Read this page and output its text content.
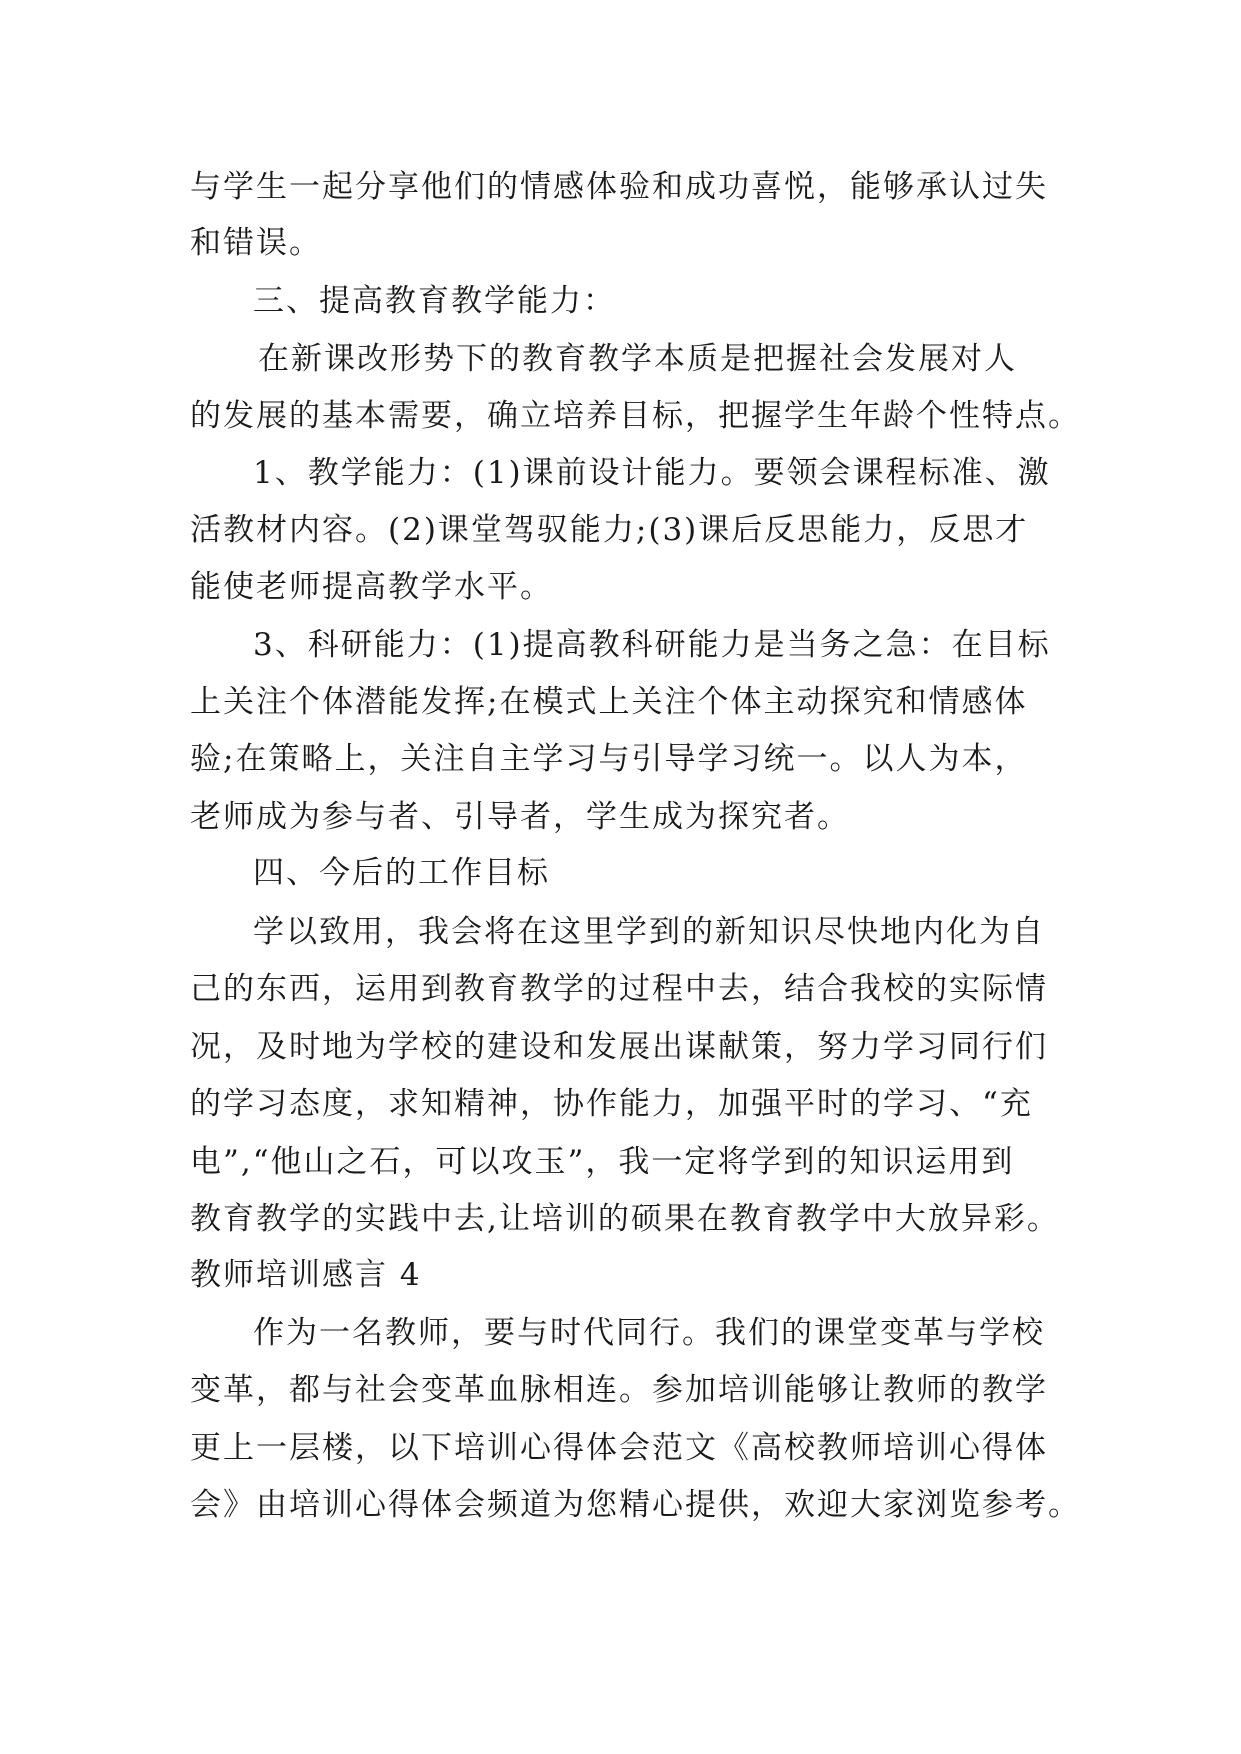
与学生一起分享他们的情感体验和成功喜悦，能够承认过失
和错误。
三、提高教育教学能力：
在新课改形势下的教育教学本质是把握社会发展对人
的发展的基本需要，确立培养目标，把握学生年龄个性特点。
1、教学能力：(1)课前设计能力。要领会课程标准、激
活教材内容。(2)课堂驾驭能力;(3)课后反思能力，反思才
能使老师提高教学水平。
3、科研能力：(1)提高教科研能力是当务之急：在目标
上关注个体潜能发挥;在模式上关注个体主动探究和情感体
验;在策略上，关注自主学习与引导学习统一。以人为本，
老师成为参与者、引导者，学生成为探究者。
四、今后的工作目标
学以致用，我会将在这里学到的新知识尽快地内化为自
己的东西，运用到教育教学的过程中去，结合我校的实际情
况，及时地为学校的建设和发展出谋献策，努力学习同行们
的学习态度，求知精神，协作能力，加强平时的学习、“充
电”,“他山之石，可以攻玉”，我一定将学到的知识运用到
教育教学的实践中去,让培训的硕果在教育教学中大放异彩。
教师培训感言 4
作为一名教师，要与时代同行。我们的课堂变革与学校
变革，都与社会变革血脉相连。参加培训能够让教师的教学
更上一层楼，以下培训心得体会范文《高校教师培训心得体
会》由培训心得体会频道为您精心提供，欢迎大家浏览参考。
